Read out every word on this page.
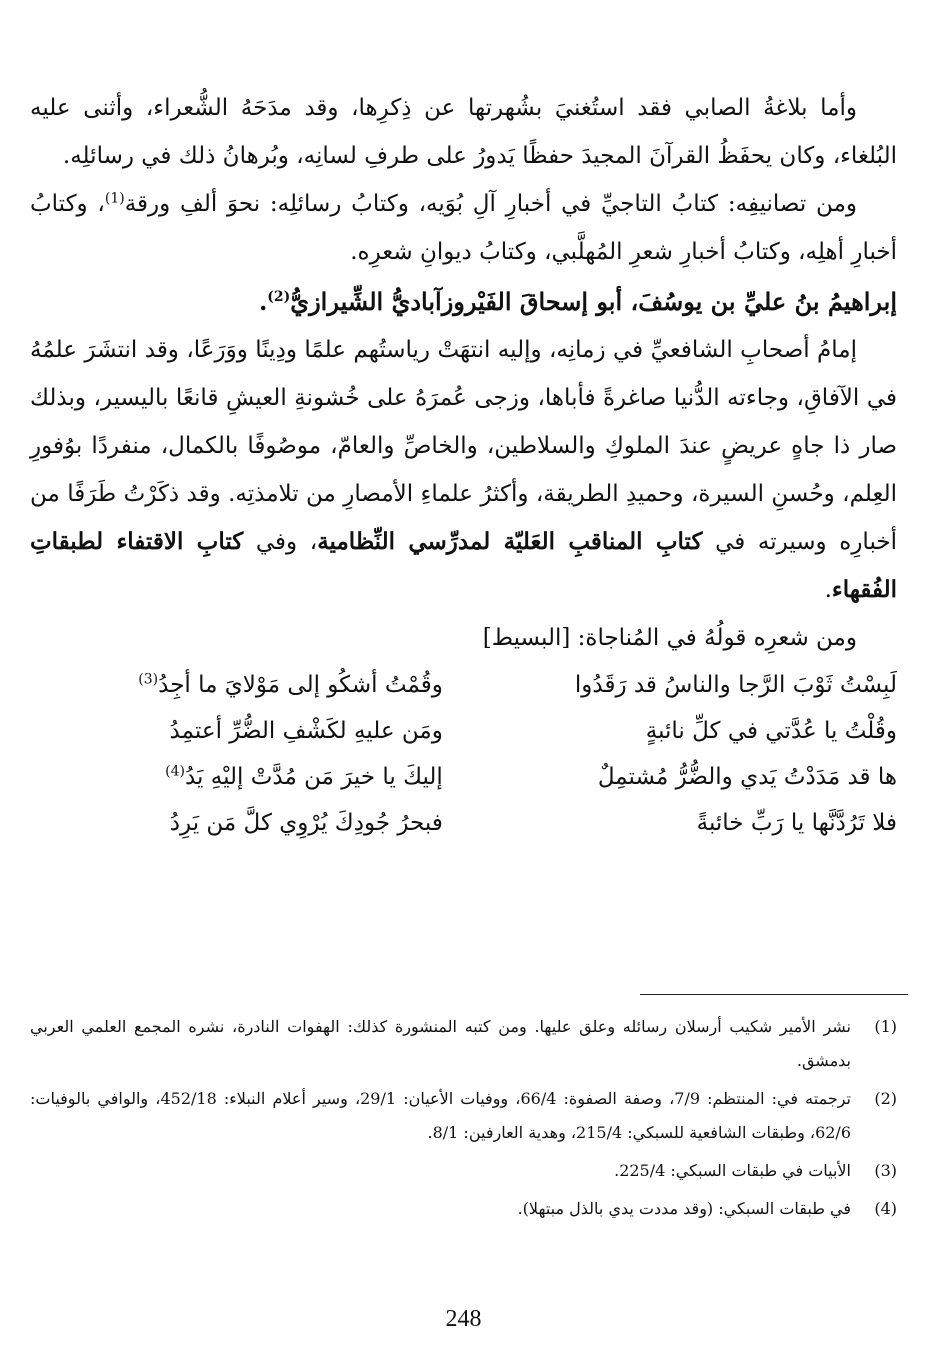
وأما بلاغةُ الصابي فقد استُغنيَ بشُهرتها عن ذِكرِها، وقد مدَحَهُ الشُّعراء، وأثنى عليه البُلغاء، وكان يحفَظُ القرآنَ المجيدَ حفظًا يَدورُ على طرفِ لسانِه، وبُرهانُ ذلك في رسائلِه.

ومن تصانيفِه: كتابُ التاجيِّ في أخبارِ آلِ بُوَيه، وكتابُ رسائلِه: نحوَ ألفِ ورقة$^{(1)}$، وكتابُ أخبارِ أهلِه، وكتابُ أخبارِ شعرِ المُهلَّبي، وكتابُ ديوانِ شعرِه.

إبراهيمُ بنُ عليِّ بن يوسُفَ، أبو إسحاقَ الفَيْروزآباديُّ الشِّيرازيُّ$^{(2)}$.

إمامُ أصحابِ الشافعيِّ في زمانِه، وإليه انتهَتْ رياستُهم علمًا ودِينًا ووَرَعًا، وقد انتشَرَ علمُهُ في الآفاقِ، وجاءته الدُّنيا صاغرةً فأباها، وزجى عُمرَهُ على خُشونةِ العيشِ قانعًا باليسير، وبذلك صار ذا جاهٍ عريضٍ عندَ الملوكِ والسلاطين، والخاصِّ والعامّ، موصُوفًا بالكمال، منفردًا بوُفورِ العِلم، وحُسنِ السيرة، وحميدِ الطريقة، وأكثرُ علماءِ الأمصارِ من تلامذتِه. وقد ذكَرْتُ طَرَفًا من أخبارِه وسيرته في كتابِ المناقبِ العَليّة لمدرِّسي النِّظامية، وفي كتابِ الاقتفاء لطبقاتِ الفُقهاء.

ومن شعرِه قولُهُ في المُناجاة: [البسيط]

لَبِسْتُ ثَوْبَ الرَّجا والناسُ قد رَقَدُوا
وقُمْتُ أشكُو إلى مَوْلايَ ما أجِدُ$^{(3)}$
وقُلْتُ يا عُدَّتي في كلِّ نائبةٍ
ومَن عليهِ لكَشْفِ الضُّرِّ أعتمِدُ
ها قد مَدَدْتُ يَدي والضُّرُّ مُشتمِلٌ
إليكَ يا خيرَ مَن مُدَّتْ إليْهِ يَدُ$^{(4)}$
فلا تَرُدَّنَّها يا رَبِّ خائبةً
فبحرُ جُودِكَ يُرْوِي كلَّ مَن يَرِدُ
(1)
نشر الأمير شكيب أرسلان رسائله وعلق عليها. ومن كتبه المنشورة كذلك: الهفوات النادرة، نشره المجمع العلمي العربي بدمشق.
(2)
ترجمته في: المنتظم: 7/9، وصفة الصفوة: 66/4، ووفيات الأعيان: 29/1، وسير أعلام النبلاء: 452/18، والوافي بالوفيات: 62/6، وطبقات الشافعية للسبكي: 215/4، وهدية العارفين: 8/1.
(3)
الأبيات في طبقات السبكي: 225/4.
(4)
في طبقات السبكي: (وقد مددت يدي بالذل مبتهلا).
248
